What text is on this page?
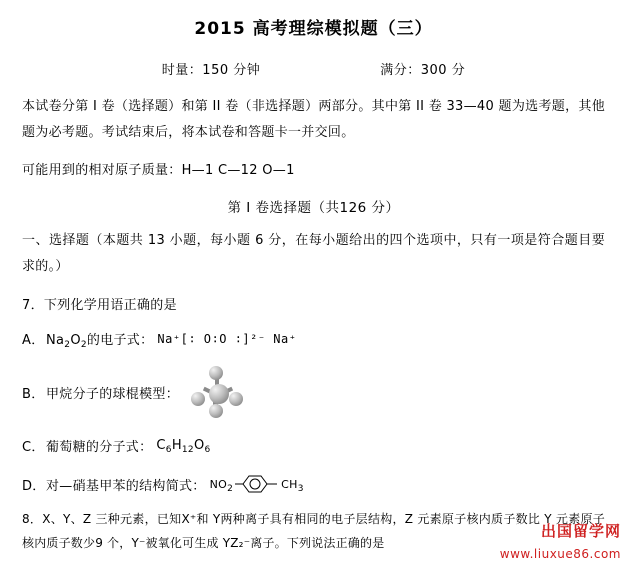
2015 高考理综模拟题（三）
时量：150 分钟	满分：300 分
本试卷分第 I 卷（选择题）和第 II 卷（非选择题）两部分。其中第 II 卷 33—40 题为选考题，其他题为必考题。考试结束后，将本试卷和答题卡一并交回。
可能用到的相对原子质量：H—1 C—12 O—1
第 I 卷选择题（共126 分）
一、选择题（本题共 13 小题，每小题 6 分，在每小题给出的四个选项中，只有一项是符合题目要求的。）
7．下列化学用语正确的是
A． $Na_2O_2$的电子式： Na⁺[∶ O∶O ∶]²⁻ Na⁺
B． 甲烷分子的球棍模型：
C． 葡萄糖的分子式： $C_6H_{12}O_6$
D． 对—硝基甲苯的结构简式： $NO_2$	$CH_3$
8．X、Y、Z 三种元素，已知X⁺和 Y两种离子具有相同的电子层结构，Z 元素原子核内质子数比 Y 元素原子核内质子数少9 个，Y⁻被氧化可生成 YZ₂⁻离子。下列说法正确的是
出国留学网
www.liuxue86.com
